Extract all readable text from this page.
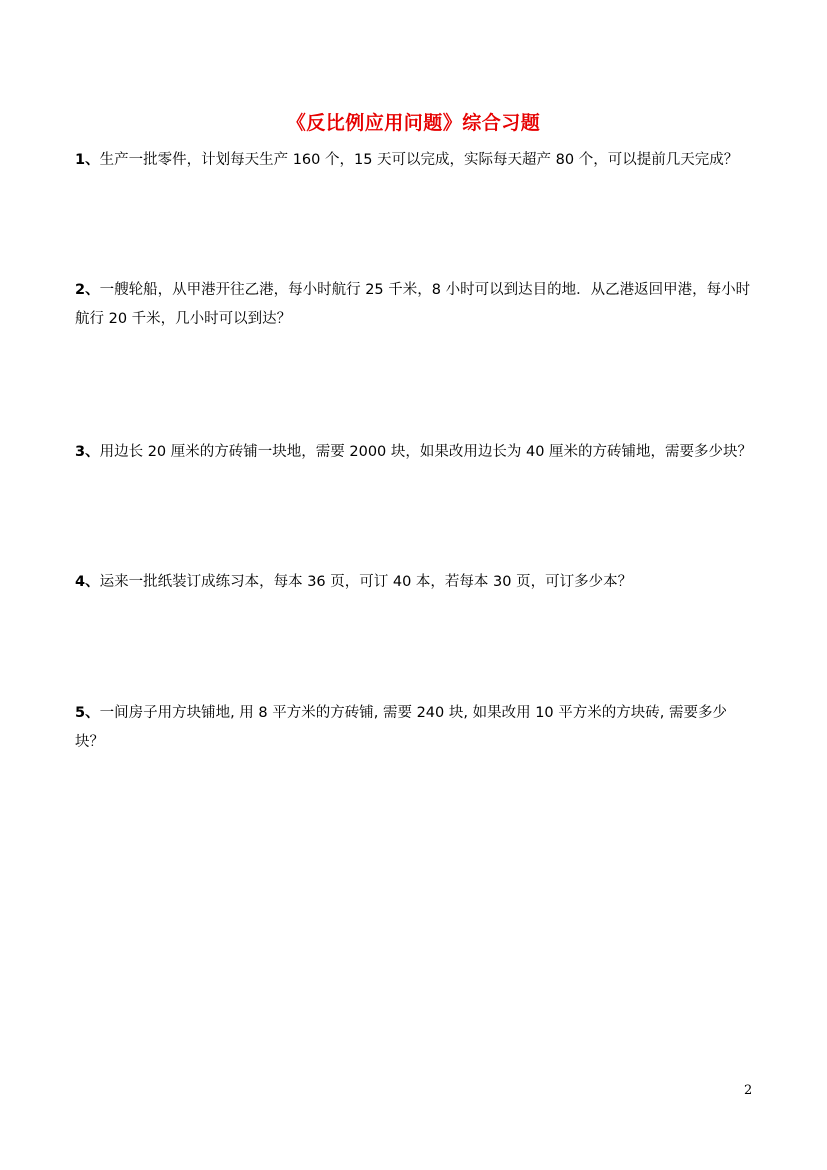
《反比例应用问题》综合习题
1、生产一批零件，计划每天生产 160 个，15 天可以完成，实际每天超产 80 个，可以提前几天完成？
2、一艘轮船，从甲港开往乙港，每小时航行 25 千米，8 小时可以到达目的地．从乙港返回甲港，每小时航行 20 千米，几小时可以到达？
3、用边长 20 厘米的方砖铺一块地，需要 2000 块，如果改用边长为 40 厘米的方砖铺地，需要多少块？
4、运来一批纸装订成练习本，每本 36 页，可订 40 本，若每本 30 页，可订多少本？
5、一间房子用方块铺地, 用 8 平方米的方砖铺, 需要 240 块, 如果改用 10 平方米的方块砖, 需要多少块？
2
